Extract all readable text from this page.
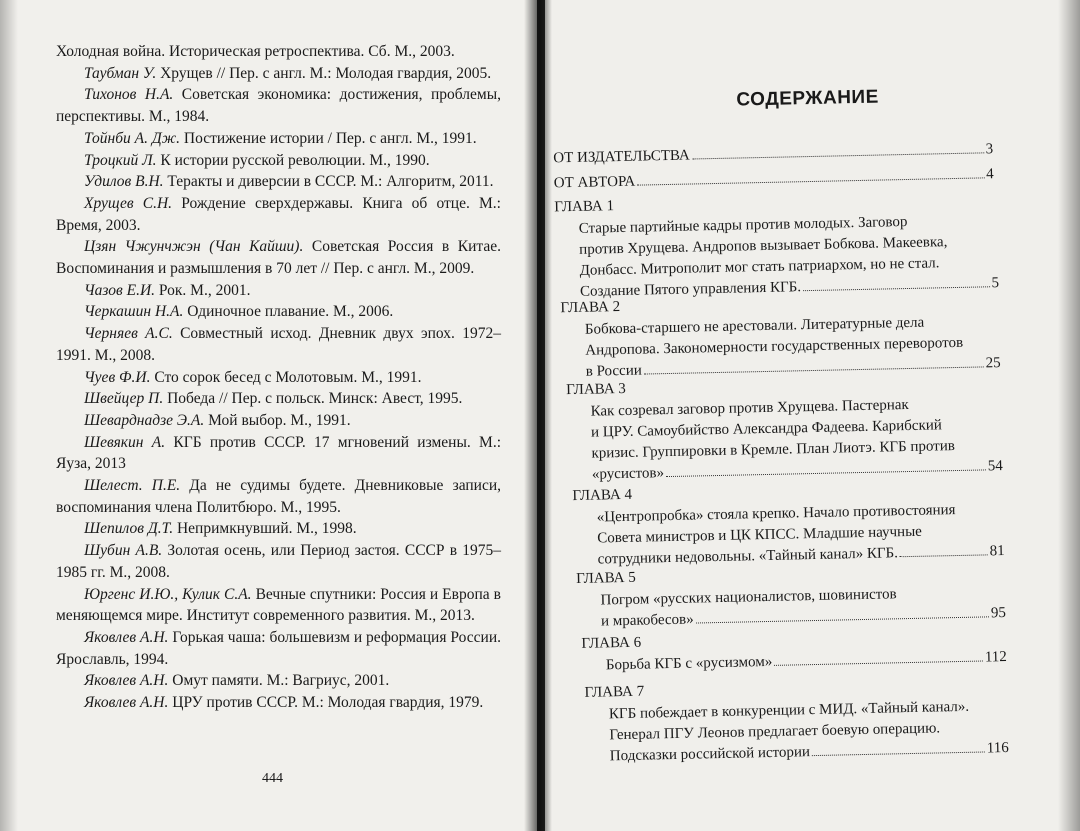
Холодная война. Историческая ретроспектива. Сб. М., 2003.

Таубман У. Хрущев // Пер. с англ. М.: Молодая гвардия, 2005.

Тихонов Н.А. Советская экономика: достижения, проблемы, перспективы. М., 1984.

Тойнби А. Дж. Постижение истории / Пер. с англ. М., 1991.

Троцкий Л. К истории русской революции. М., 1990.

Удилов В.Н. Теракты и диверсии в СССР. М.: Алгоритм, 2011.

Хрущев С.Н. Рождение сверхдержавы. Книга об отце. М.: Время, 2003.

Цзян Чжунчжэн (Чан Кайши). Советская Россия в Китае. Воспоминания и размышления в 70 лет // Пер. с англ. М., 2009.

Чазов Е.И. Рок. М., 2001.

Черкашин Н.А. Одиночное плавание. М., 2006.

Черняев А.С. Совместный исход. Дневник двух эпох. 1972–1991. М., 2008.

Чуев Ф.И. Сто сорок бесед с Молотовым. М., 1991.

Швейцер П. Победа // Пер. с польск. Минск: Авест, 1995.

Шеварднадзе Э.А. Мой выбор. М., 1991.

Шевякин А. КГБ против СССР. 17 мгновений измены. М.: Яуза, 2013

Шелест. П.Е. Да не судимы будете. Дневниковые записи, воспоминания члена Политбюро. М., 1995.

Шепилов Д.Т. Непримкнувший. М., 1998.

Шубин А.В. Золотая осень, или Период застоя. СССР в 1975–1985 гг. М., 2008.

Юргенс И.Ю., Кулик С.А. Вечные спутники: Россия и Европа в меняющемся мире. Институт современного развития. М., 2013.

Яковлев А.Н. Горькая чаша: большевизм и реформация России. Ярославль, 1994.

Яковлев А.Н. Омут памяти. М.: Вагриус, 2001.

Яковлев А.Н. ЦРУ против СССР. М.: Молодая гвардия, 1979.

444
СОДЕРЖАНИЕ
ОТ ИЗДАТЕЛЬСТВА	3
ОТ АВТОРА	4
ГЛАВА 1

Старые партийные кадры против молодых. Заговор

против Хрущева. Андропов вызывает Бобкова. Макеевка,

Донбасс. Митрополит мог стать патриархом, но не стал.

Создание Пятого управления КГБ.	5

ГЛАВА 2

Бобкова-старшего не арестовали. Литературные дела

Андропова. Закономерности государственных переворотов

в России	25

ГЛАВА 3

Как созревал заговор против Хрущева. Пастернак

и ЦРУ. Самоубийство Александра Фадеева. Карибский

кризис. Группировки в Кремле. План Лиотэ. КГБ против

«русистов»	54

ГЛАВА 4

«Центропробка» стояла крепко. Начало противостояния

Совета министров и ЦК КПСС. Младшие научные

сотрудники недовольны. «Тайный канал» КГБ.	81

ГЛАВА 5

Погром «русских националистов, шовинистов

и мракобесов»	95

ГЛАВА 6

Борьба КГБ с «русизмом»	112

ГЛАВА 7

КГБ побеждает в конкуренции с МИД. «Тайный канал».

Генерал ПГУ Леонов предлагает боевую операцию.

Подсказки российской истории	116
